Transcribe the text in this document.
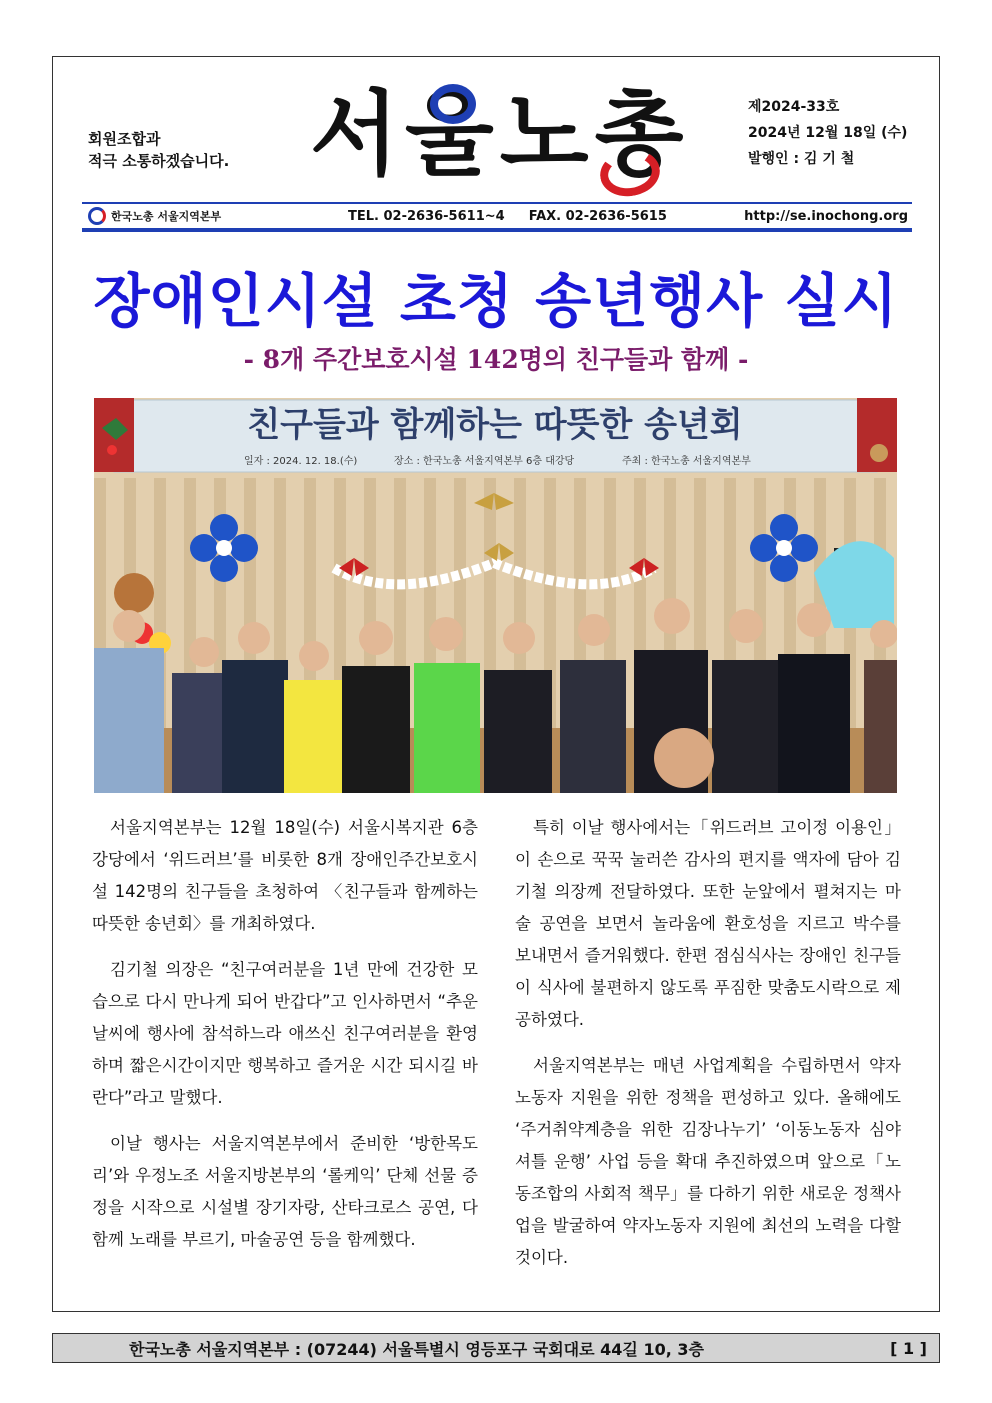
회원조합과
적극 소통하겠습니다. 서울노총	제2024-33호
2024년 12월 18일 (수)
발행인 : 김 기 철
한국노총 서울지역본부	TEL. 02-2636-5611~4 FAX. 02-2636-5615	http://se.inochong.org
장애인시설 초청 송년행사 실시
- 8개 주간보호시설 142명의 친구들과 함께 -
친구들과 함께하는 따뜻한 송년회
일자 : 2024. 12. 18.(수)	장소 : 한국노총 서울지역본부 6층 대강당	주최 : 한국노총 서울지역본부

서울지역본부는 12월 18일(수) 서울시복지관 6층 강당에서 ‘위드러브’를 비롯한 8개 장애인주간보호시설 142명의 친구들을 초청하여 〈친구들과 함께하는 따뜻한 송년회〉를 개최하였다.

김기철 의장은 “친구여러분을 1년 만에 건강한 모습으로 다시 만나게 되어 반갑다”고 인사하면서 “추운날씨에 행사에 참석하느라 애쓰신 친구여러분을 환영하며 짧은시간이지만 행복하고 즐거운 시간 되시길 바란다”라고 말했다.

이날 행사는 서울지역본부에서 준비한 ‘방한목도리’와 우정노조 서울지방본부의 ‘롤케익’ 단체 선물 증정을 시작으로 시설별 장기자랑, 산타크로스 공연, 다 함께 노래를 부르기, 마술공연 등을 함께했다.

특히 이날 행사에서는「위드러브 고이정 이용인」이 손으로 꾹꾹 눌러쓴 감사의 편지를 액자에 담아 김기철 의장께 전달하였다. 또한 눈앞에서 펼쳐지는 마술 공연을 보면서 놀라움에 환호성을 지르고 박수를 보내면서 즐거워했다. 한편 점심식사는 장애인 친구들이 식사에 불편하지 않도록 푸짐한 맞춤도시락으로 제공하였다.

서울지역본부는 매년 사업계획을 수립하면서 약자노동자 지원을 위한 정책을 편성하고 있다. 올해에도 ‘주거취약계층을 위한 김장나누기’ ‘이동노동자 심야셔틀 운행’ 사업 등을 확대 추진하였으며 앞으로「노동조합의 사회적 책무」를 다하기 위한 새로운 정책사업을 발굴하여 약자노동자 지원에 최선의 노력을 다할 것이다.

한국노총 서울지역본부 : (07244) 서울특별시 영등포구 국회대로 44길 10, 3층	[ 1 ]
